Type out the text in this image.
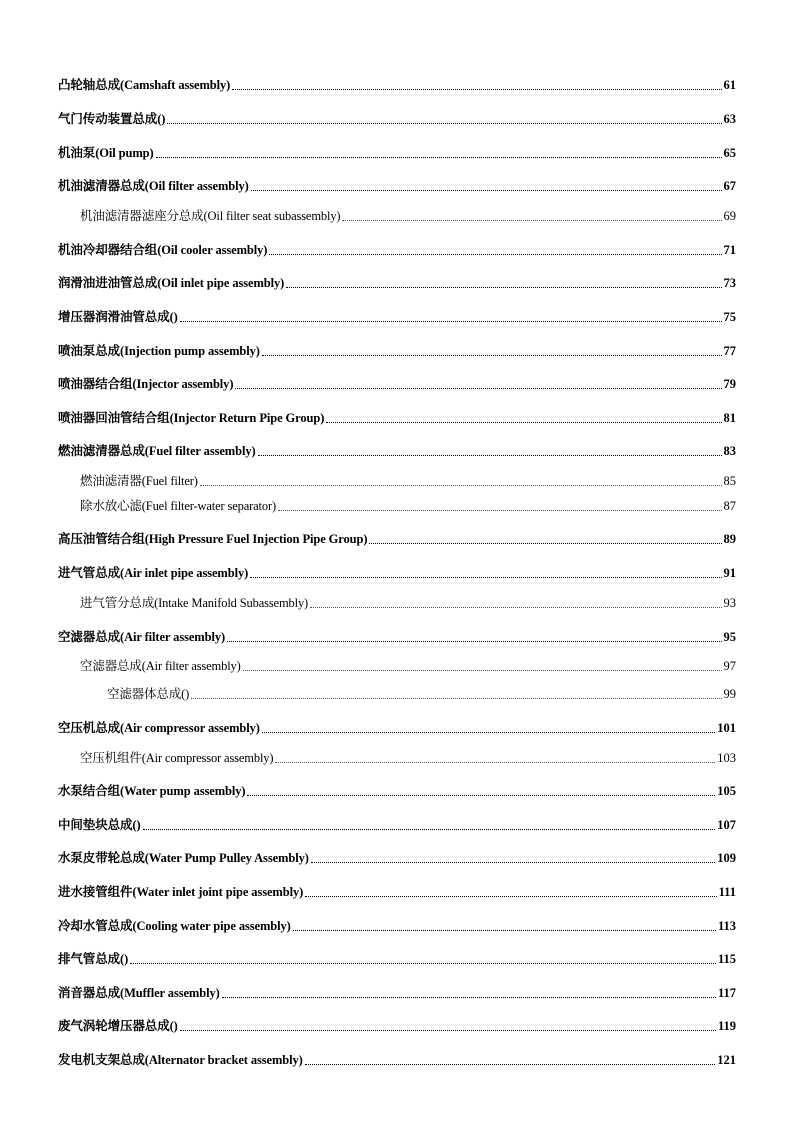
凸轮轴总成(Camshaft assembly)	61
气门传动装置总成()	63
机油泵(Oil pump)	65
机油滤清器总成(Oil filter assembly)	67
机油滤清器滤座分总成(Oil filter seat subassembly)	69
机油冷却器结合组(Oil cooler assembly)	71
润滑油进油管总成(Oil inlet pipe assembly)	73
增压器润滑油管总成()	75
喷油泵总成(Injection pump assembly)	77
喷油器结合组(Injector assembly)	79
喷油器回油管结合组(Injector Return Pipe Group)	81
燃油滤清器总成(Fuel filter assembly)	83
燃油滤清器(Fuel filter)	85
除水放心滤(Fuel filter-water separator)	87
高压油管结合组(High Pressure Fuel Injection Pipe Group)	89
进气管总成(Air inlet pipe assembly)	91
进气管分总成(Intake Manifold Subassembly)	93
空滤器总成(Air filter assembly)	95
空滤器总成(Air filter assembly)	97
空滤器体总成()	99
空压机总成(Air compressor assembly)	101
空压机组件(Air compressor assembly)	103
水泵结合组(Water pump assembly)	105
中间垫块总成()	107
水泵皮带轮总成(Water Pump Pulley Assembly)	109
进水接管组件(Water inlet joint pipe assembly)	111
冷却水管总成(Cooling water pipe assembly)	113
排气管总成()	115
消音器总成(Muffler assembly)	117
废气涡轮增压器总成()	119
发电机支架总成(Alternator bracket assembly)	121
